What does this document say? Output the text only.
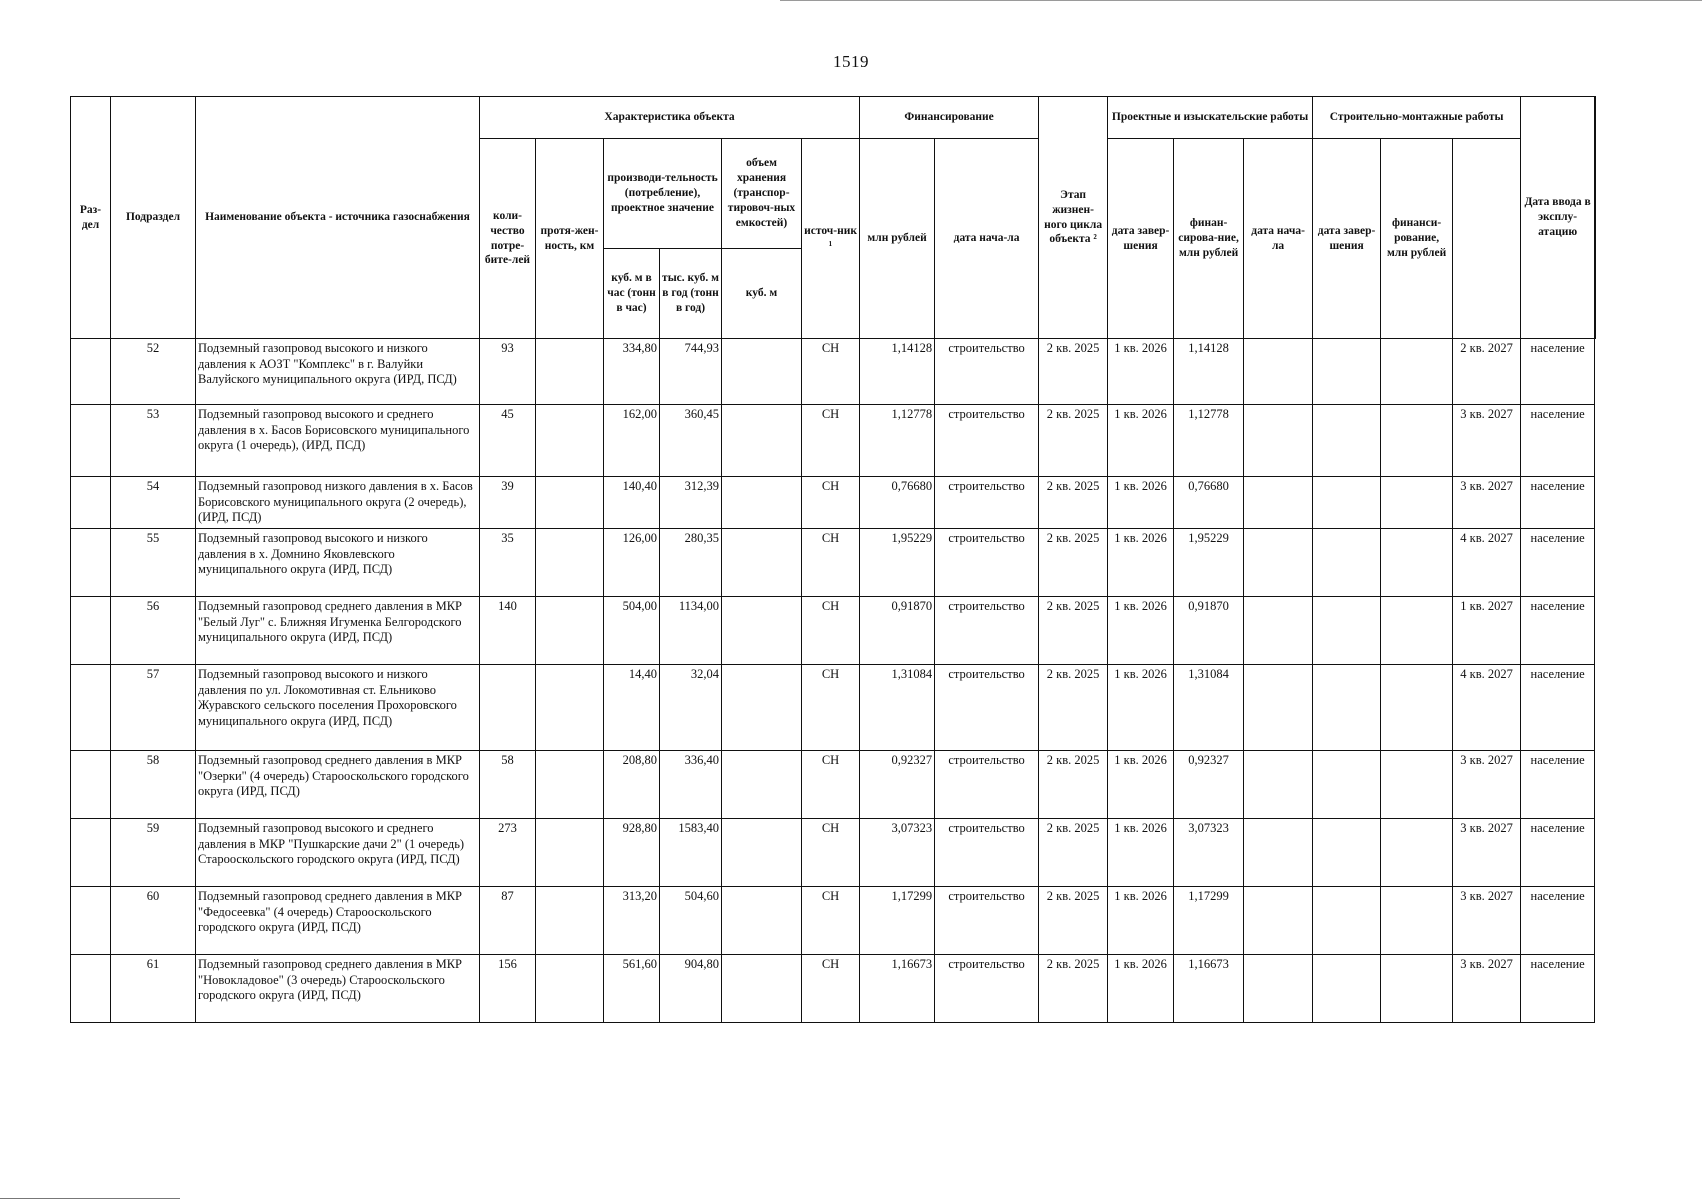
1519
Раз-дел	Подраздел	Наименование объекта - источника газоснабжения	Характеристика объекта						Финансирование		Этап жизнен-ного цикла объекта ²	Проектные и изыскательские работы			Строительно-монтажные работы			Дата ввода в эксплу-атацию	
			коли-чество потре-бите-лей	протя-жен-ность, км	производи-тельность (потребление), проектное значение		объем хранения (транспор-тировоч-ных емкостей)	источ-ник ¹	млн рублей	дата нача-ла		дата завер-шения	финан-сирова-ние, млн рублей	дата нача-ла	дата завер-шения	финанси-рование, млн рублей			
					куб. м в час (тонн в час)	тыс. куб. м в год (тонн в год)	куб. м												
	52	Подземный газопровод высокого и низкого давления к АОЗТ "Комплекс" в г. Валуйки Валуйского муниципального округа (ИРД, ПСД)	93		334,80	744,93		СН	1,14128	строительство	2 кв. 2025	1 кв. 2026	1,14128				2 кв. 2027	население	
	53	Подземный газопровод высокого и среднего давления в х. Басов Борисовского муниципального округа (1 очередь), (ИРД, ПСД)	45		162,00	360,45		СН	1,12778	строительство	2 кв. 2025	1 кв. 2026	1,12778				3 кв. 2027	население	
	54	Подземный газопровод низкого давления в х. Басов Борисовского муниципального округа (2 очередь), (ИРД, ПСД)	39		140,40	312,39		СН	0,76680	строительство	2 кв. 2025	1 кв. 2026	0,76680				3 кв. 2027	население	
	55	Подземный газопровод высокого и низкого давления в х. Домнино Яковлевского муниципального округа (ИРД, ПСД)	35		126,00	280,35		СН	1,95229	строительство	2 кв. 2025	1 кв. 2026	1,95229				4 кв. 2027	население	
	56	Подземный газопровод среднего давления в МКР "Белый Луг" с. Ближняя Игуменка Белгородского муниципального округа (ИРД, ПСД)	140		504,00	1134,00		СН	0,91870	строительство	2 кв. 2025	1 кв. 2026	0,91870				1 кв. 2027	население	
	57	Подземный газопровод высокого и низкого давления по ул. Локомотивная ст. Ельниково Журавского сельского поселения Прохоровского муниципального округа (ИРД, ПСД)			14,40	32,04		СН	1,31084	строительство	2 кв. 2025	1 кв. 2026	1,31084				4 кв. 2027	население	
	58	Подземный газопровод среднего давления в МКР "Озерки" (4 очередь) Старооскольского городского округа (ИРД, ПСД)	58		208,80	336,40		СН	0,92327	строительство	2 кв. 2025	1 кв. 2026	0,92327				3 кв. 2027	население	
	59	Подземный газопровод высокого и среднего давления в МКР "Пушкарские дачи 2" (1 очередь) Старооскольского городского округа (ИРД, ПСД)	273		928,80	1583,40		СН	3,07323	строительство	2 кв. 2025	1 кв. 2026	3,07323				3 кв. 2027	население	
	60	Подземный газопровод среднего давления в МКР "Федосеевка" (4 очередь) Старооскольского городского округа (ИРД, ПСД)	87		313,20	504,60		СН	1,17299	строительство	2 кв. 2025	1 кв. 2026	1,17299				3 кв. 2027	население	
	61	Подземный газопровод среднего давления в МКР "Новокладовое" (3 очередь) Старооскольского городского округа (ИРД, ПСД)	156		561,60	904,80		СН	1,16673	строительство	2 кв. 2025	1 кв. 2026	1,16673				3 кв. 2027	население	
